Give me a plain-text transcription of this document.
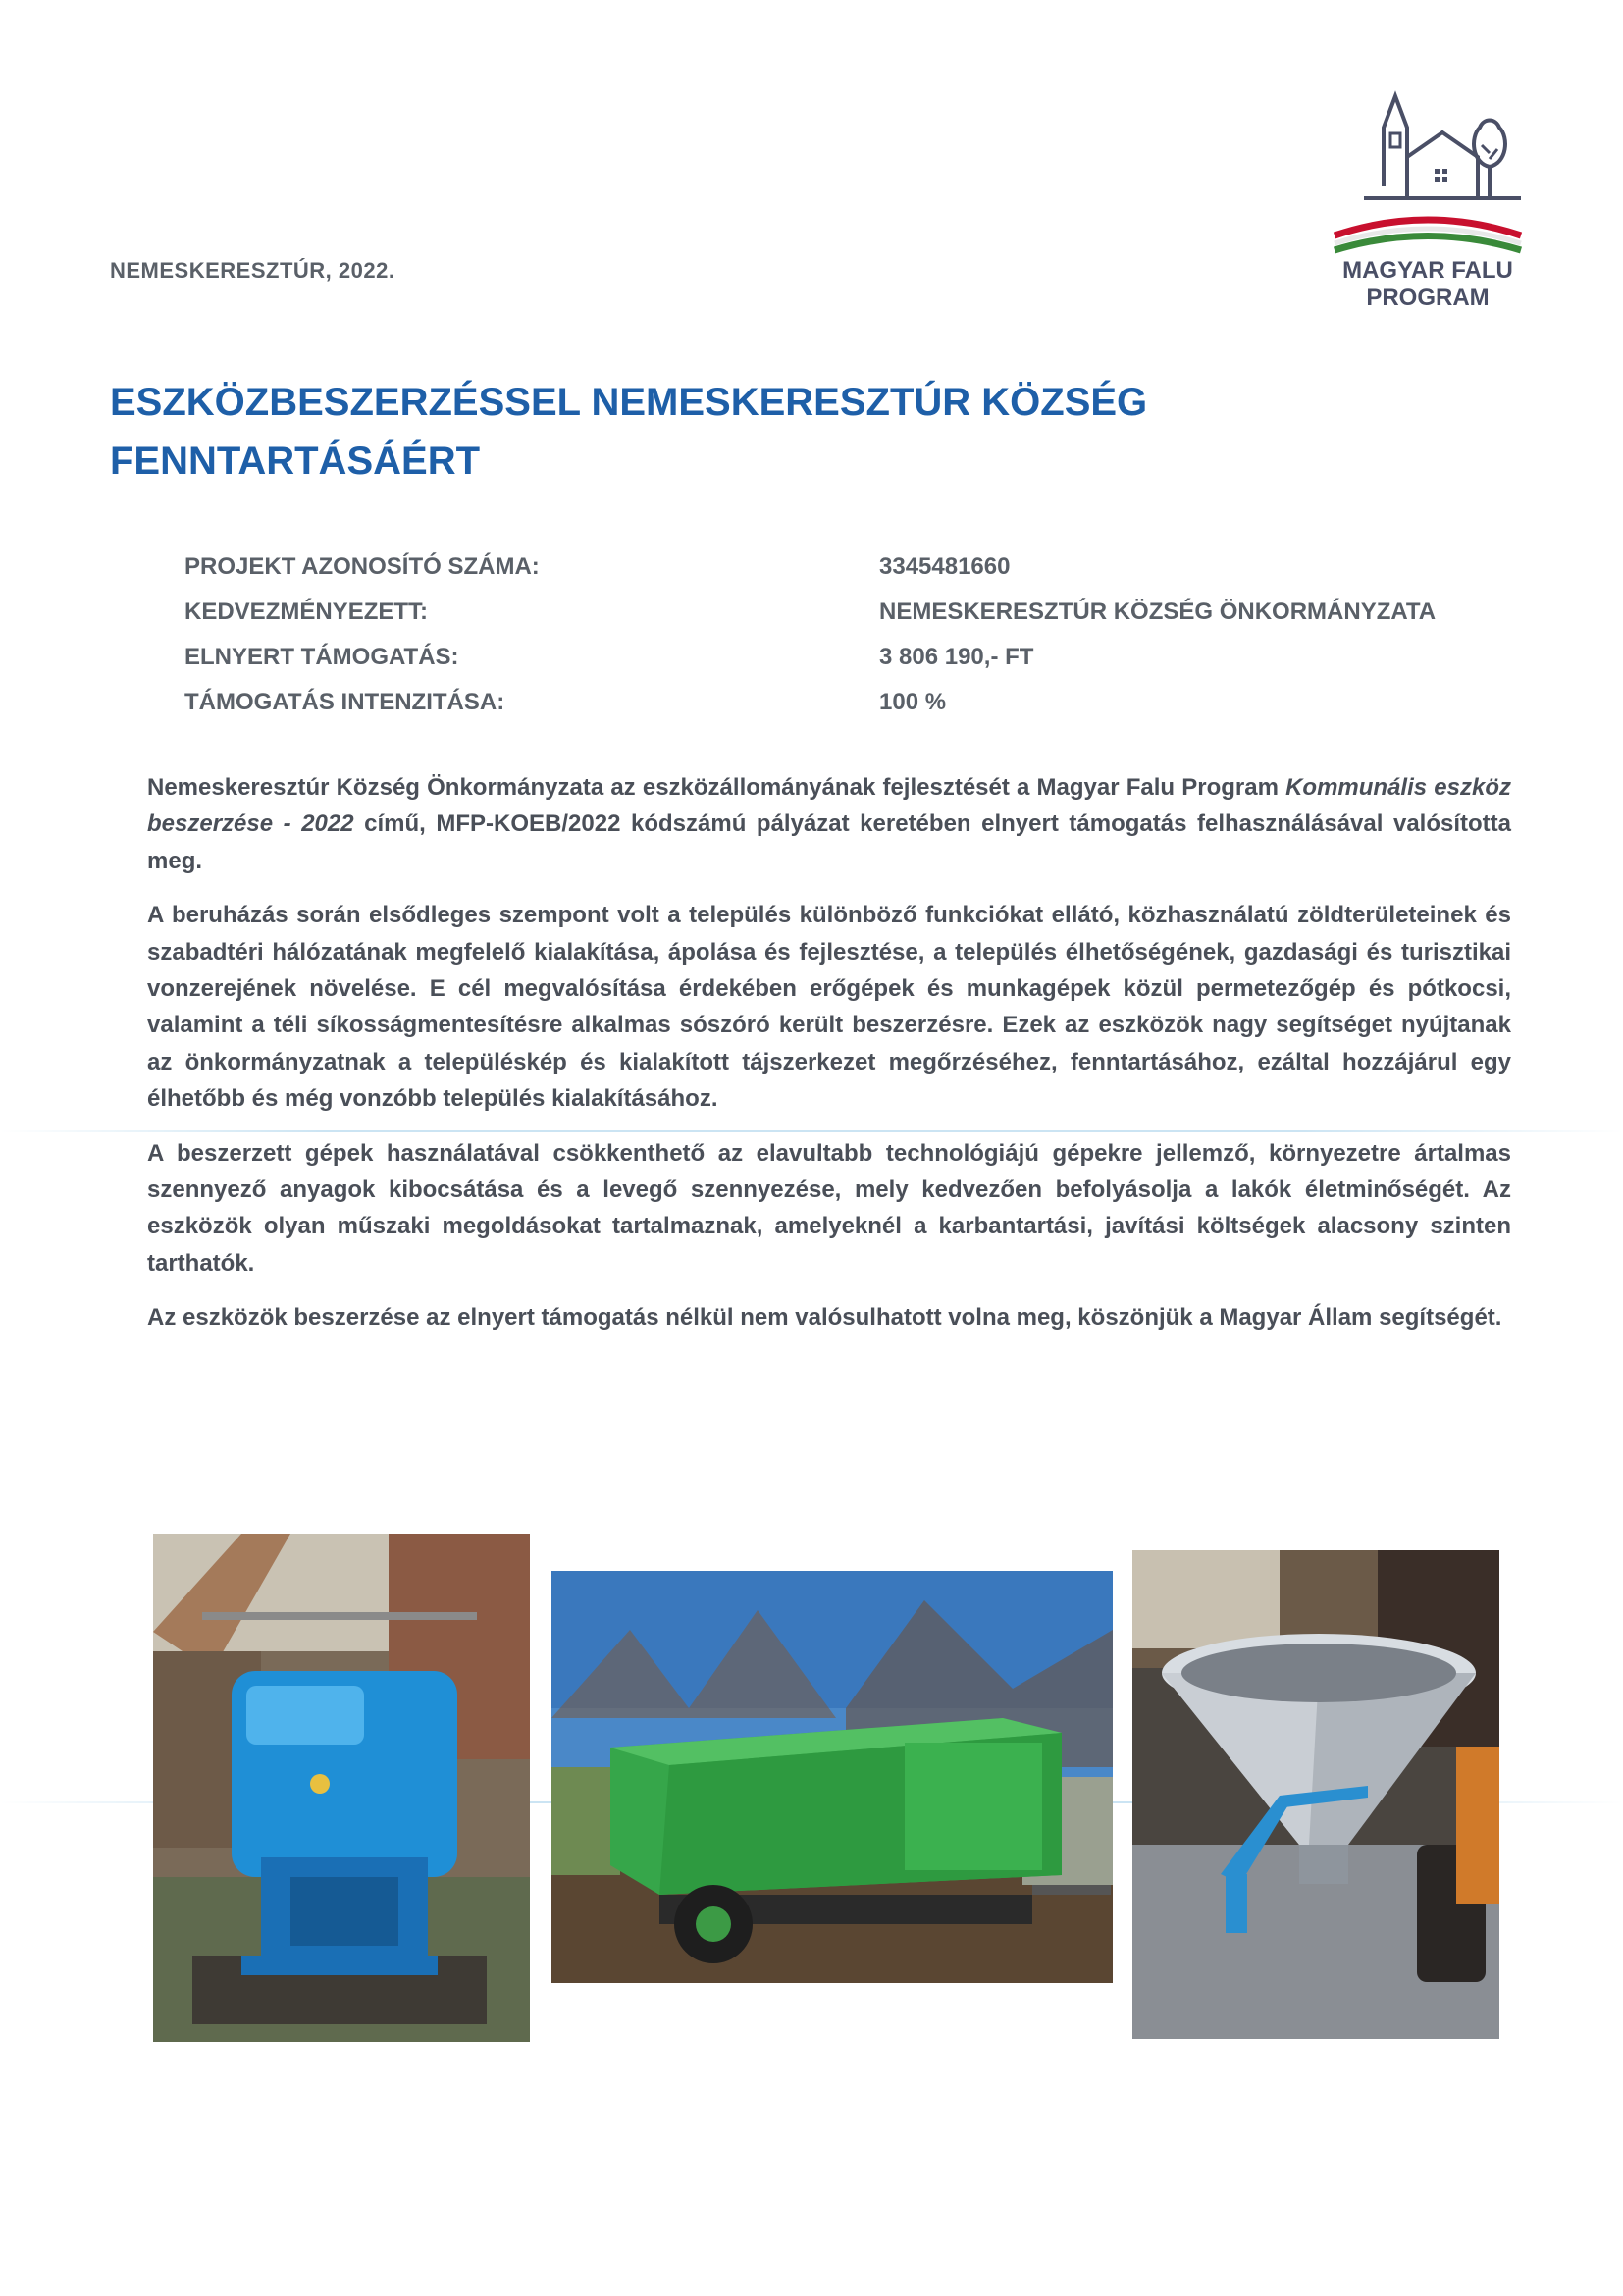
NEMESKERESZTÚR, 2022.	MAGYAR FALU
PROGRAM
ESZKÖZBESZERZÉSSEL NEMESKERESZTÚR KÖZSÉG
FENNTARTÁSÁÉRT
PROJEKT AZONOSÍTÓ SZÁMA:	3345481660
KEDVEZMÉNYEZETT:	NEMESKERESZTÚR KÖZSÉG ÖNKORMÁNYZATA
ELNYERT TÁMOGATÁS:	3 806 190,- FT
TÁMOGATÁS INTENZITÁSA:	100 %

Nemeskeresztúr Község Önkormányzata az eszközállományának fejlesztését a Magyar Falu Program Kommunális eszköz beszerzése - 2022 című, MFP-KOEB/2022 kódszámú pályázat keretében elnyert támogatás felhasználásával valósította meg.

A beruházás során elsődleges szempont volt a település különböző funkciókat ellátó, közhasználatú zöldterületeinek és szabadtéri hálózatának megfelelő kialakítása, ápolása és fejlesztése, a település élhetőségének, gazdasági és turisztikai vonzerejének növelése. E cél megvalósítása érdekében erőgépek és munkagépek közül permetezőgép és pótkocsi, valamint a téli síkosságmentesítésre alkalmas sószóró került beszerzésre. Ezek az eszközök nagy segítséget nyújtanak az önkormányzatnak a településkép és kialakított tájszerkezet megőrzéséhez, fenntartásához, ezáltal hozzájárul egy élhetőbb és még vonzóbb település kialakításához.

A beszerzett gépek használatával csökkenthető az elavultabb technológiájú gépekre jellemző, környezetre ártalmas szennyező anyagok kibocsátása és a levegő szennyezése, mely kedvezően befolyásolja a lakók életminőségét. Az eszközök olyan műszaki megoldásokat tartalmaznak, amelyeknél a karbantartási, javítási költségek alacsony szinten tarthatók.

Az eszközök beszerzése az elnyert támogatás nélkül nem valósulhatott volna meg, köszönjük a Magyar Állam segítségét.
